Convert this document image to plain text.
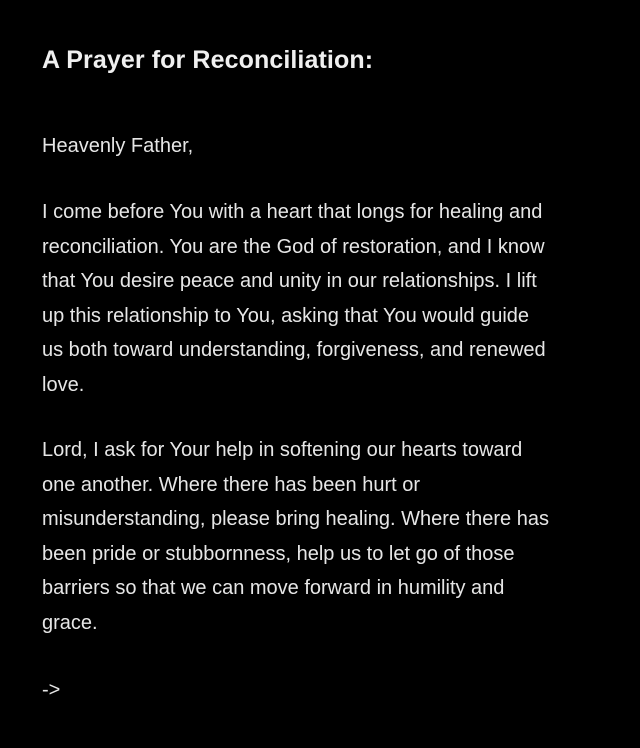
A Prayer for Reconciliation:
Heavenly Father,
I come before You with a heart that longs for healing and
reconciliation. You are the God of restoration, and I know
that You desire peace and unity in our relationships. I lift
up this relationship to You, asking that You would guide
us both toward understanding, forgiveness, and renewed
love.
Lord, I ask for Your help in softening our hearts toward
one another. Where there has been hurt or
misunderstanding, please bring healing. Where there has
been pride or stubbornness, help us to let go of those
barriers so that we can move forward in humility and
grace.
->
